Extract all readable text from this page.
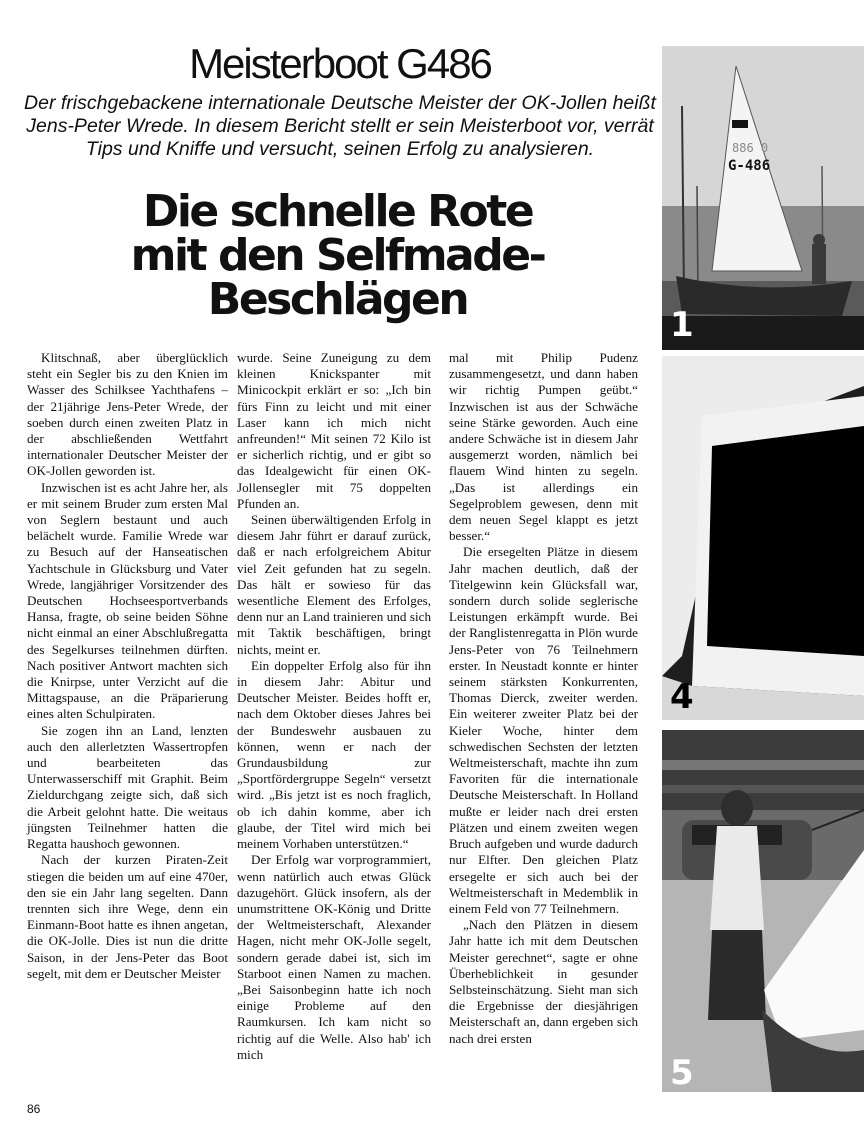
Meisterboot G486
Der frischgebackene internationale Deutsche Meister der OK-Jollen heißt Jens-Peter Wrede. In diesem Bericht stellt er sein Meisterboot vor, verrät Tips und Kniffe und versucht, seinen Erfolg zu analysieren.
Die schnelle Rote
mit den Selfmade-
Beschlägen

Klitschnaß, aber überglücklich steht ein Segler bis zu den Knien im Wasser des Schilksee Yachthafens – der 21jährige Jens-Peter Wrede, der soeben durch einen zweiten Platz in der abschließenden Wettfahrt internationaler Deutscher Meister der OK-Jollen geworden ist.

Inzwischen ist es acht Jahre her, als er mit seinem Bruder zum ersten Mal von Seglern bestaunt und auch belächelt wurde. Familie Wrede war zu Besuch auf der Hanseatischen Yachtschule in Glücksburg und Vater Wrede, langjähriger Vorsitzender des Deutschen Hochseesportverbands Hansa, fragte, ob seine beiden Söhne nicht einmal an einer Abschlußregatta des Segelkurses teilnehmen dürften. Nach positiver Antwort machten sich die Knirpse, unter Verzicht auf die Mittagspause, an die Präparierung eines alten Schulpiraten.

Sie zogen ihn an Land, lenzten auch den allerletzten Wassertropfen und bearbeiteten das Unterwasserschiff mit Graphit. Beim Zieldurchgang zeigte sich, daß sich die Arbeit gelohnt hatte. Die weitaus jüngsten Teilnehmer hatten die Regatta haushoch gewonnen.

Nach der kurzen Piraten-Zeit stiegen die beiden um auf eine 470er, den sie ein Jahr lang segelten. Dann trennten sich ihre Wege, denn ein Einmann-Boot hatte es ihnen angetan, die OK-Jolle. Dies ist nun die dritte Saison, in der Jens-Peter das Boot segelt, mit dem er Deutscher Meister

wurde. Seine Zuneigung zu dem kleinen Knickspanter mit Minicockpit erklärt er so: „Ich bin fürs Finn zu leicht und mit einer Laser kann ich mich nicht anfreunden!“ Mit seinen 72 Kilo ist er sicherlich richtig, und er gibt so das Idealgewicht für einen OK-Jollensegler mit 75 doppelten Pfunden an.

Seinen überwältigenden Erfolg in diesem Jahr führt er darauf zurück, daß er nach erfolgreichem Abitur viel Zeit gefunden hat zu segeln. Das hält er sowieso für das wesentliche Element des Erfolges, denn nur an Land trainieren und sich mit Taktik beschäftigen, bringt nichts, meint er.

Ein doppelter Erfolg also für ihn in diesem Jahr: Abitur und Deutscher Meister. Beides hofft er, nach dem Oktober dieses Jahres bei der Bundeswehr ausbauen zu können, wenn er nach der Grundausbildung zur „Sportfördergruppe Segeln“ versetzt wird. „Bis jetzt ist es noch fraglich, ob ich dahin komme, aber ich glaube, der Titel wird mich bei meinem Vorhaben unterstützen.“

Der Erfolg war vorprogrammiert, wenn natürlich auch etwas Glück dazugehört. Glück insofern, als der unumstrittene OK-König und Dritte der Weltmeisterschaft, Alexander Hagen, nicht mehr OK-Jolle segelt, sondern gerade dabei ist, sich im Starboot einen Namen zu machen. „Bei Saisonbeginn hatte ich noch einige Probleme auf den Raumkursen. Ich kam nicht so richtig auf die Welle. Also hab' ich mich

mal mit Philip Pudenz zusammengesetzt, und dann haben wir richtig Pumpen geübt.“ Inzwischen ist aus der Schwäche seine Stärke geworden. Auch eine andere Schwäche ist in diesem Jahr ausgemerzt worden, nämlich bei flauem Wind hinten zu segeln. „Das ist allerdings ein Segelproblem gewesen, denn mit dem neuen Segel klappt es jetzt besser.“

Die ersegelten Plätze in diesem Jahr machen deutlich, daß der Titelgewinn kein Glücksfall war, sondern durch solide seglerische Leistungen erkämpft wurde. Bei der Ranglistenregatta in Plön wurde Jens-Peter von 76 Teilnehmern erster. In Neustadt konnte er hinter seinem stärksten Konkurrenten, Thomas Dierck, zweiter werden. Ein weiterer zweiter Platz bei der Kieler Woche, hinter dem schwedischen Sechsten der letzten Weltmeisterschaft, machte ihn zum Favoriten für die internationale Deutsche Meisterschaft. In Holland mußte er leider nach drei ersten Plätzen und einem zweiten wegen Bruch aufgeben und wurde dadurch nur Elfter. Den gleichen Platz ersegelte er sich auch bei der Weltmeisterschaft in Medemblik in einem Feld von 77 Teilnehmern.

„Nach den Plätzen in diesem Jahr hatte ich mit dem Deutschen Meister gerechnet“, sagte er ohne Überheblichkeit in gesunder Selbsteinschätzung. Sieht man sich die Ergebnisse der diesjährigen Meisterschaft an, dann ergeben sich nach drei ersten

86
886 0
G-486
1
4
5
